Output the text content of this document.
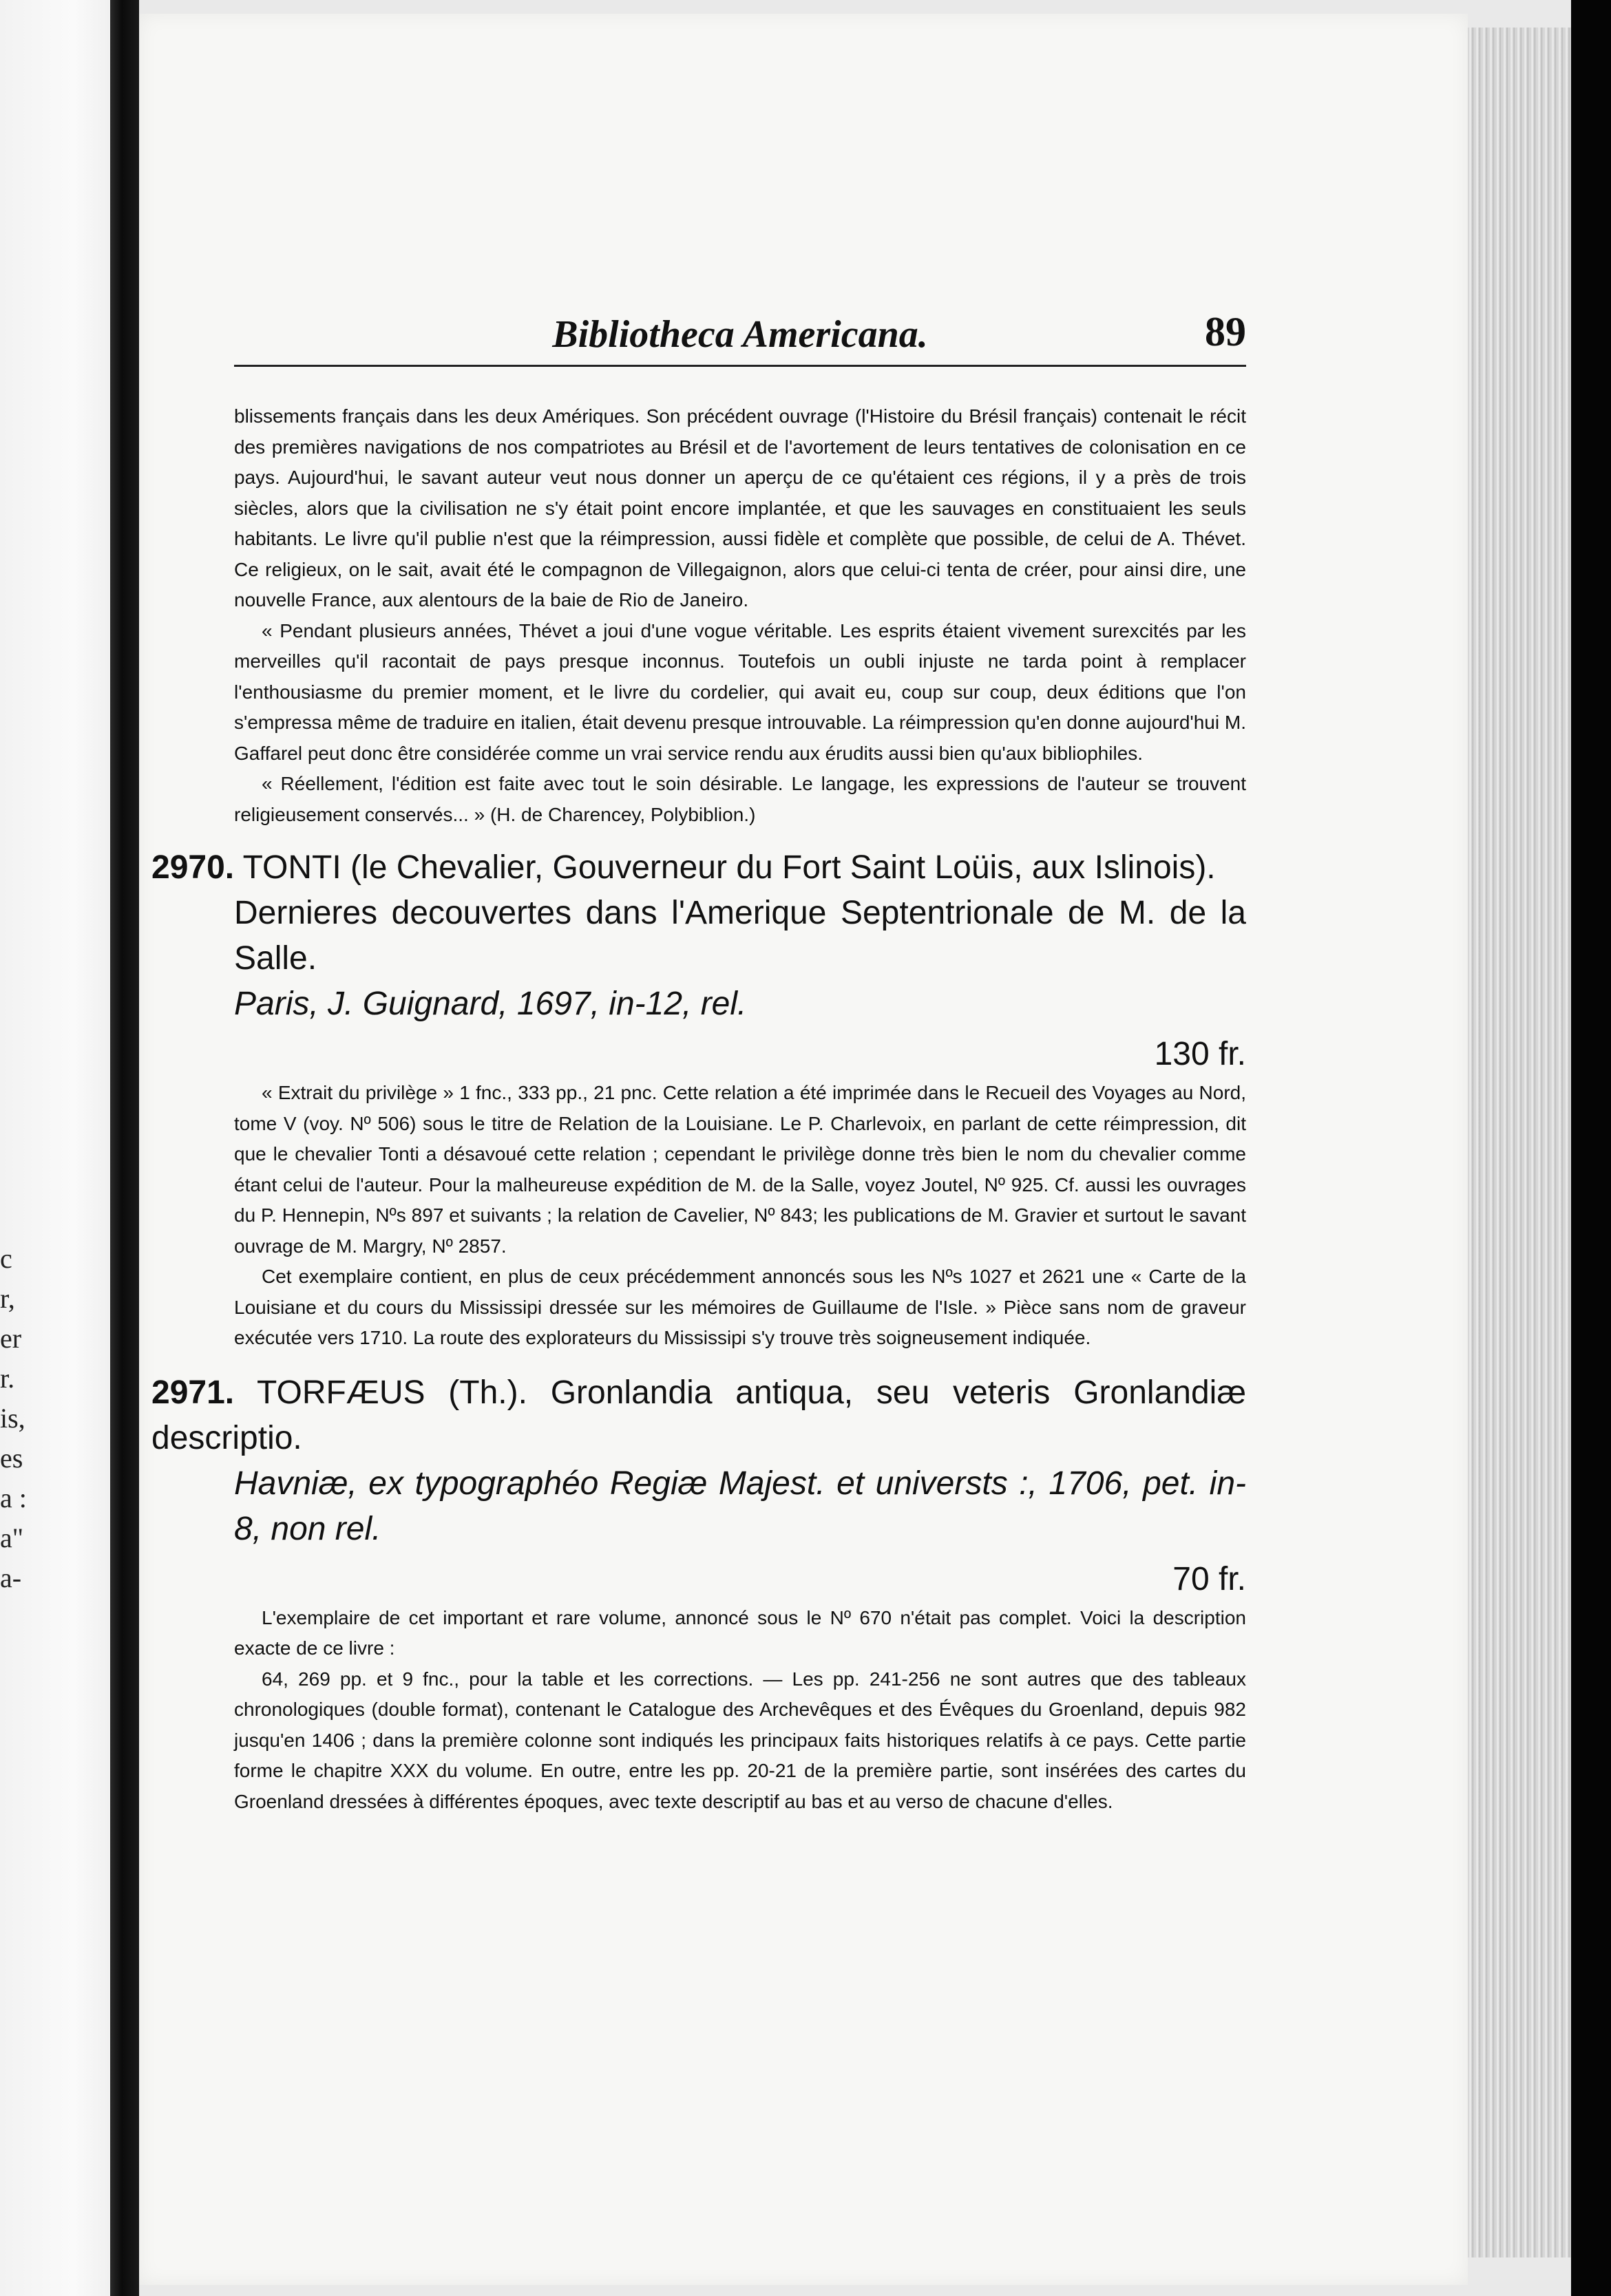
c
r,
er
r.
is,
es
a :
a"
a-
Bibliotheca Americana.	89

blissements français dans les deux Amériques. Son précédent ouvrage (l'Histoire du Brésil français) contenait le récit des premières navigations de nos compatriotes au Brésil et de l'avortement de leurs tentatives de colonisation en ce pays. Aujourd'hui, le savant auteur veut nous donner un aperçu de ce qu'étaient ces régions, il y a près de trois siècles, alors que la civilisation ne s'y était point encore implantée, et que les sauvages en constituaient les seuls habitants. Le livre qu'il publie n'est que la réimpression, aussi fidèle et complète que possible, de celui de A. Thévet. Ce religieux, on le sait, avait été le compagnon de Villegaignon, alors que celui-ci tenta de créer, pour ainsi dire, une nouvelle France, aux alentours de la baie de Rio de Janeiro.

« Pendant plusieurs années, Thévet a joui d'une vogue véritable. Les esprits étaient vivement surexcités par les merveilles qu'il racontait de pays presque inconnus. Toutefois un oubli injuste ne tarda point à remplacer l'enthousiasme du premier moment, et le livre du cordelier, qui avait eu, coup sur coup, deux éditions que l'on s'empressa même de traduire en italien, était devenu presque introuvable. La réimpression qu'en donne aujourd'hui M. Gaffarel peut donc être considérée comme un vrai service rendu aux érudits aussi bien qu'aux bibliophiles.

« Réellement, l'édition est faite avec tout le soin désirable. Le langage, les expressions de l'auteur se trouvent religieusement conservés... » (H. de Charencey, Polybiblion.)

2970. TONTI (le Chevalier, Gouverneur du Fort Saint Loüis, aux Islinois).
Dernieres decouvertes dans l'Amerique Septentrionale de M. de la Salle.
Paris, J. Guignard, 1697, in-12, rel.
130 fr.

« Extrait du privilège » 1 fnc., 333 pp., 21 pnc. Cette relation a été imprimée dans le Recueil des Voyages au Nord, tome V (voy. Nº 506) sous le titre de Relation de la Louisiane. Le P. Charlevoix, en parlant de cette réimpression, dit que le chevalier Tonti a désavoué cette relation ; cependant le privilège donne très bien le nom du chevalier comme étant celui de l'auteur. Pour la malheureuse expédition de M. de la Salle, voyez Joutel, Nº 925. Cf. aussi les ouvrages du P. Hennepin, Nºs 897 et suivants ; la relation de Cavelier, Nº 843; les publications de M. Gravier et surtout le savant ouvrage de M. Margry, Nº 2857.

Cet exemplaire contient, en plus de ceux précédemment annoncés sous les Nºs 1027 et 2621 une « Carte de la Louisiane et du cours du Mississipi dressée sur les mémoires de Guillaume de l'Isle. » Pièce sans nom de graveur exécutée vers 1710. La route des explorateurs du Mississipi s'y trouve très soigneusement indiquée.

2971. TORFÆUS (Th.). Gronlandia antiqua, seu veteris Gronlandiæ descriptio.
Havniæ, ex typographéo Regiæ Majest. et universts :, 1706, pet. in-8, non rel.
70 fr.

L'exemplaire de cet important et rare volume, annoncé sous le Nº 670 n'était pas complet. Voici la description exacte de ce livre :

64, 269 pp. et 9 fnc., pour la table et les corrections. — Les pp. 241-256 ne sont autres que des tableaux chronologiques (double format), contenant le Catalogue des Archevêques et des Évêques du Groenland, depuis 982 jusqu'en 1406 ; dans la première colonne sont indiqués les principaux faits historiques relatifs à ce pays. Cette partie forme le chapitre XXX du volume. En outre, entre les pp. 20-21 de la première partie, sont insérées des cartes du Groenland dressées à différentes époques, avec texte descriptif au bas et au verso de chacune d'elles.
